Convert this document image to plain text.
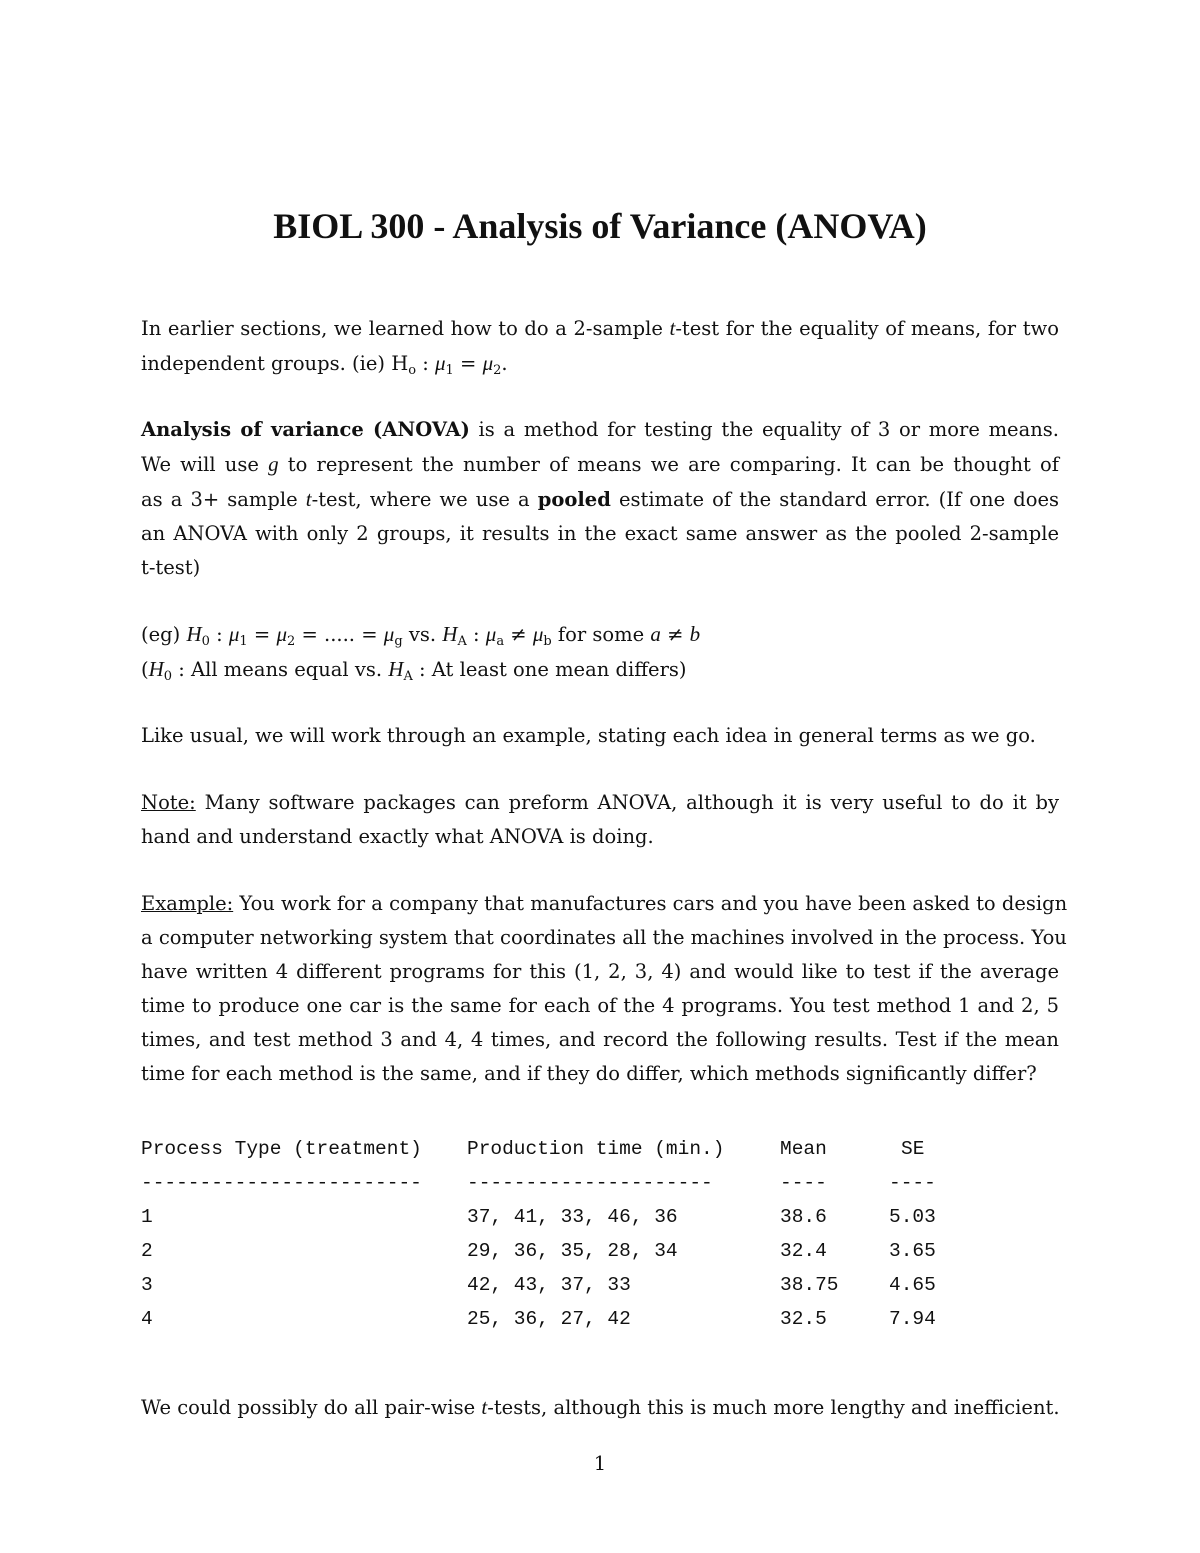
BIOL 300 - Analysis of Variance (ANOVA)
In earlier sections, we learned how to do a 2-sample t-test for the equality of means, for two
independent groups. (ie) $H_o$ : $\mu_1 = \mu_2$.
Analysis of variance (ANOVA) is a method for testing the equality of 3 or more means.
We will use g to represent the number of means we are comparing. It can be thought of
as a 3+ sample t-test, where we use a pooled estimate of the standard error. (If one does
an ANOVA with only 2 groups, it results in the exact same answer as the pooled 2-sample
t-test)
(eg) $H_0$ : $\mu_1 = \mu_2$ = ..... = $\mu_g$ vs. $H_A$ : $\mu_a \ne \mu_b$ for some a ≠ b
($H_0$ : All means equal vs. $H_A$ : At least one mean differs)
Like usual, we will work through an example, stating each idea in general terms as we go.
Note: Many software packages can preform ANOVA, although it is very useful to do it by
hand and understand exactly what ANOVA is doing.
Example: You work for a company that manufactures cars and you have been asked to design
a computer networking system that coordinates all the machines involved in the process. You
have written 4 different programs for this (1, 2, 3, 4) and would like to test if the average
time to produce one car is the same for each of the 4 programs. You test method 1 and 2, 5
times, and test method 3 and 4, 4 times, and record the following results. Test if the mean
time for each method is the same, and if they do differ, which methods significantly differ?
Process Type (treatment) Production time (min.)	Mean	SE
------------------------ ---------------------	----	----
1	37, 41, 33, 46, 36	38.6	5.03
2	29, 36, 35, 28, 34	32.4	3.65
3	42, 43, 37, 33	38.75	4.65
4	25, 36, 27, 42	32.5	7.94
We could possibly do all pair-wise t-tests, although this is much more lengthy and inefficient.
1
